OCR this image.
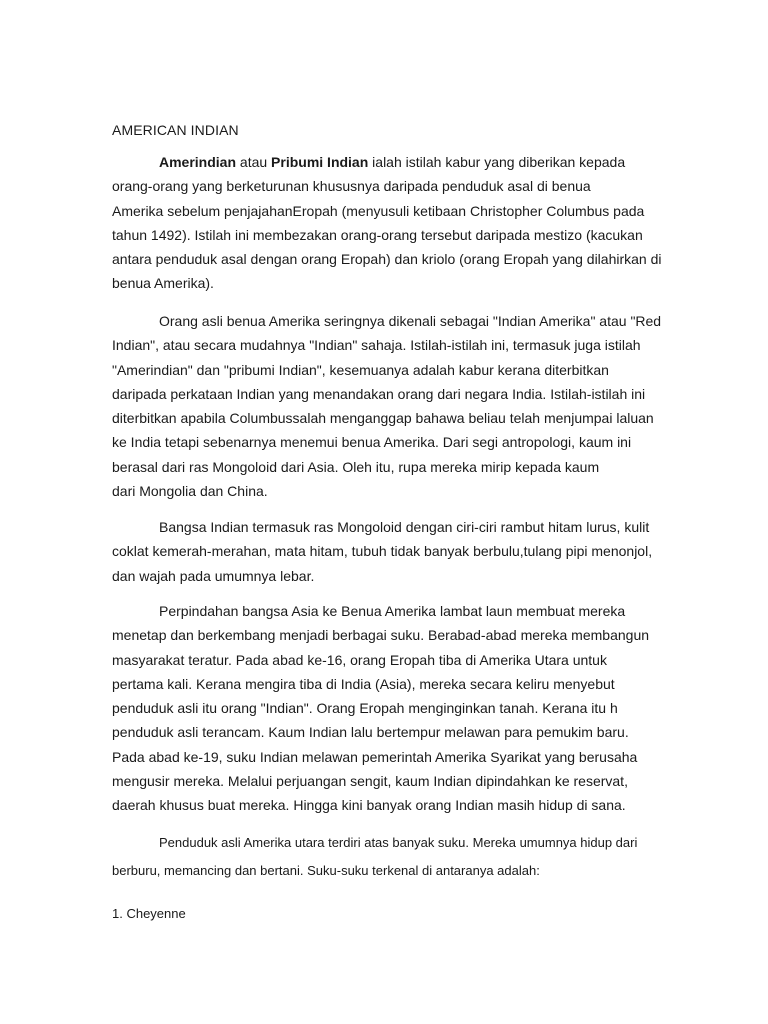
AMERICAN INDIAN
Amerindian atau Pribumi Indian ialah istilah kabur yang diberikan kepada
orang-orang yang berketurunan khususnya daripada penduduk asal di benua
Amerika sebelum penjajahanEropah (menyusuli ketibaan Christopher Columbus pada
tahun 1492). Istilah ini membezakan orang-orang tersebut daripada mestizo (kacukan
antara penduduk asal dengan orang Eropah) dan kriolo (orang Eropah yang dilahirkan di
benua Amerika).
Orang asli benua Amerika seringnya dikenali sebagai "Indian Amerika" atau "Red
Indian", atau secara mudahnya "Indian" sahaja. Istilah-istilah ini, termasuk juga istilah
"Amerindian" dan "pribumi Indian", kesemuanya adalah kabur kerana diterbitkan
daripada perkataan Indian yang menandakan orang dari negara India. Istilah-istilah ini
diterbitkan apabila Columbussalah menganggap bahawa beliau telah menjumpai laluan
ke India tetapi sebenarnya menemui benua Amerika. Dari segi antropologi, kaum ini
berasal dari ras Mongoloid dari Asia. Oleh itu, rupa mereka mirip kepada kaum
dari Mongolia dan China.
Bangsa Indian termasuk ras Mongoloid dengan ciri-ciri rambut hitam lurus, kulit
coklat kemerah-merahan, mata hitam, tubuh tidak banyak berbulu,tulang pipi menonjol,
dan wajah pada umumnya lebar.
Perpindahan bangsa Asia ke Benua Amerika lambat laun membuat mereka
menetap dan berkembang menjadi berbagai suku. Berabad-abad mereka membangun
masyarakat teratur. Pada abad ke-16, orang Eropah tiba di Amerika Utara untuk
pertama kali. Kerana mengira tiba di India (Asia), mereka secara keliru menyebut
penduduk asli itu orang "Indian". Orang Eropah menginginkan tanah. Kerana itu h
penduduk asli terancam. Kaum Indian lalu bertempur melawan para pemukim baru.
Pada abad ke-19, suku Indian melawan pemerintah Amerika Syarikat yang berusaha
mengusir mereka. Melalui perjuangan sengit, kaum Indian dipindahkan ke reservat,
daerah khusus buat mereka. Hingga kini banyak orang Indian masih hidup di sana.
Penduduk asli Amerika utara terdiri atas banyak suku. Mereka umumnya hidup dari
berburu, memancing dan bertani. Suku-suku terkenal di antaranya adalah:
1. Cheyenne
